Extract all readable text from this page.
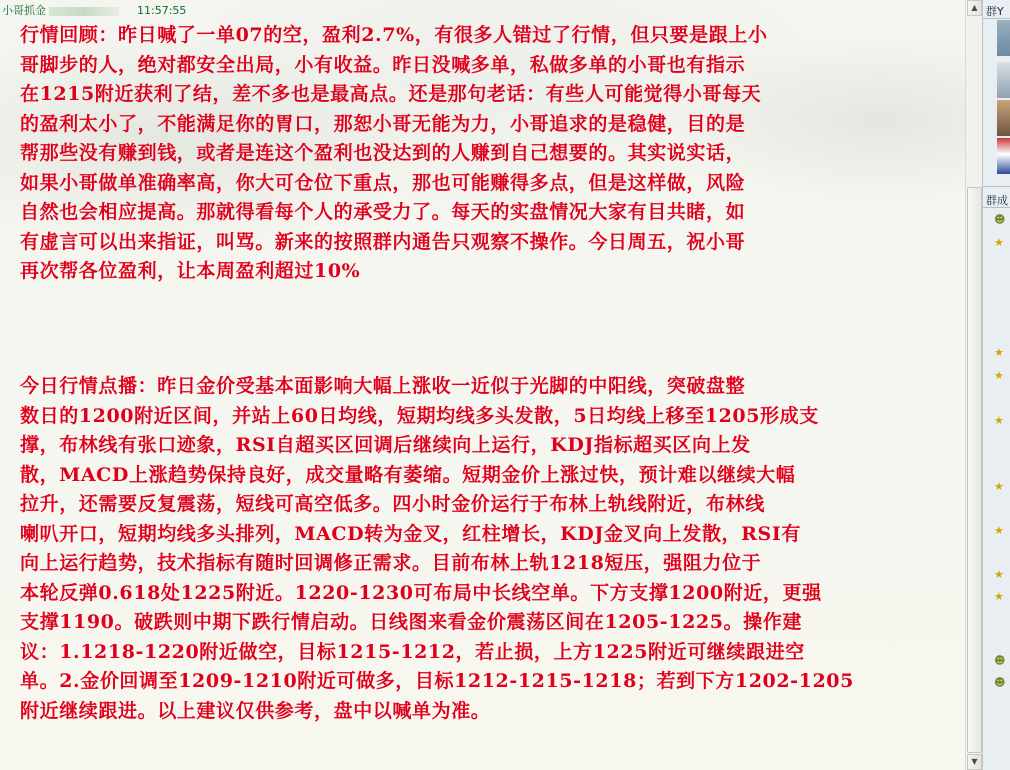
小哥抓金	11:57:55
行情回顾：昨日喊了一单07的空，盈利2.7%，有很多人错过了行情，但只要是跟上小
哥脚步的人，绝对都安全出局，小有收益。昨日没喊多单，私做多单的小哥也有指示
在1215附近获利了结，差不多也是最高点。还是那句老话：有些人可能觉得小哥每天
的盈利太小了，不能满足你的胃口，那恕小哥无能为力，小哥追求的是稳健，目的是
帮那些没有赚到钱，或者是连这个盈利也没达到的人赚到自己想要的。其实说实话，
如果小哥做单准确率高，你大可仓位下重点，那也可能赚得多点，但是这样做，风险
自然也会相应提高。那就得看每个人的承受力了。每天的实盘情况大家有目共睹，如
有虚言可以出来指证，叫骂。新来的按照群内通告只观察不操作。今日周五，祝小哥
再次帮各位盈利，让本周盈利超过10%
今日行情点播：昨日金价受基本面影响大幅上涨收一近似于光脚的中阳线，突破盘整
数日的1200附近区间，并站上60日均线，短期均线多头发散，5日均线上移至1205形成支
撑，布林线有张口迹象，RSI自超买区回调后继续向上运行，KDJ指标超买区向上发
散，MACD上涨趋势保持良好，成交量略有萎缩。短期金价上涨过快，预计难以继续大幅
拉升，还需要反复震荡，短线可高空低多。四小时金价运行于布林上轨线附近，布林线
喇叭开口，短期均线多头排列，MACD转为金叉，红柱增长，KDJ金叉向上发散，RSI有
向上运行趋势，技术指标有随时回调修正需求。目前布林上轨1218短压，强阻力位于
本轮反弹0.618处1225附近。1220-1230可布局中长线空单。下方支撑1200附近，更强
支撑1190。破跌则中期下跌行情启动。日线图来看金价震荡区间在1205-1225。操作建
议：1.1218-1220附近做空，目标1215-1212，若止损，上方1225附近可继续跟进空
单。2.金价回调至1209-1210附近可做多，目标1212-1215-1218；若到下方1202-1205
附近继续跟进。以上建议仅供参考，盘中以喊单为准。
▲
▼
群Y
群成
☻
★
★
★
★
★
★
★
★
☻
☻
